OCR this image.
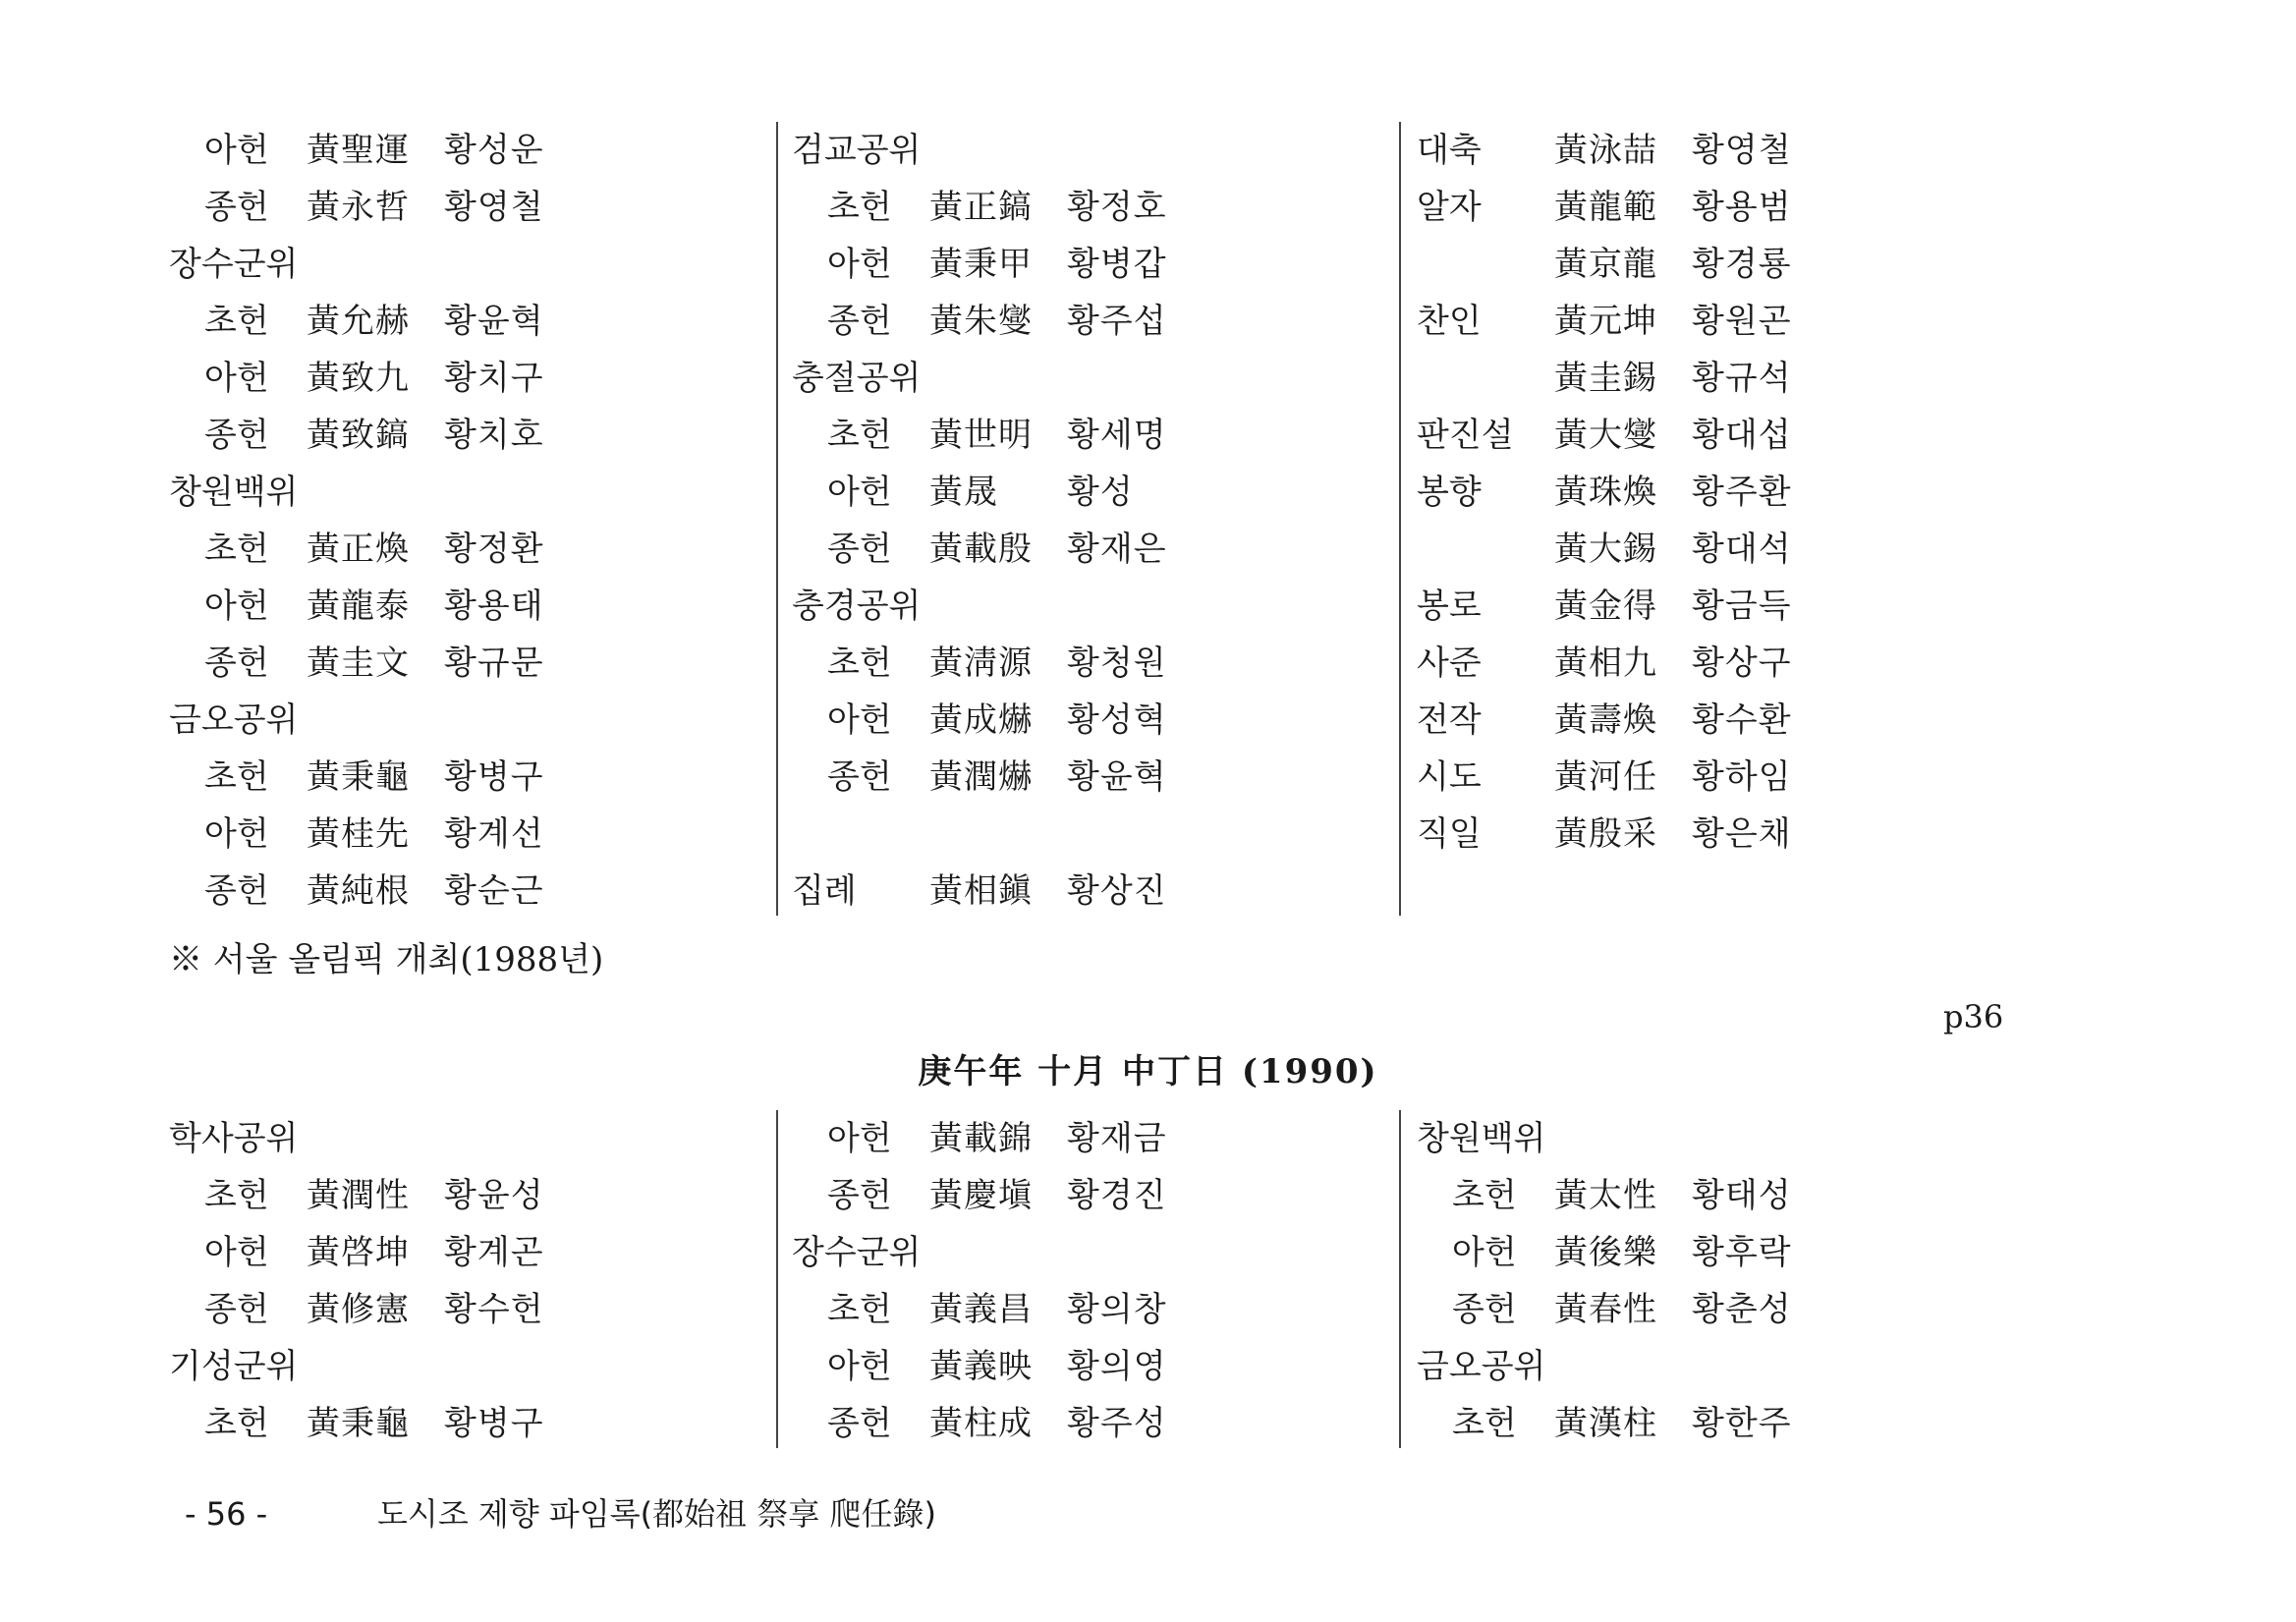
아헌 黃聖運 황성운
종헌 黃永哲 황영철
장수군위
초헌 黃允赫 황윤혁
아헌 黃致九 황치구
종헌 黃致鎬 황치호
창원백위
초헌 黃正煥 황정환
아헌 黃龍泰 황용태
종헌 黃圭文 황규문
금오공위
초헌 黃秉龜 황병구
아헌 黃桂先 황계선
종헌 黃純根 황순근
검교공위
초헌 黃正鎬 황정호
아헌 黃秉甲 황병갑
종헌 黃朱燮 황주섭
충절공위
초헌 黃世明 황세명
아헌 黃晟 황성
종헌 黃載殷 황재은
충경공위
초헌 黃淸源 황청원
아헌 黃成爀 황성혁
종헌 黃潤爀 황윤혁
집례 黃相鎭 황상진
대축 黃泳喆 황영철
알자 黃龍範 황용범
黃京龍 황경룡
찬인 黃元坤 황원곤
黃圭錫 황규석
판진설 黃大燮 황대섭
봉향 黃珠煥 황주환
黃大錫 황대석
봉로 黃金得 황금득
사준 黃相九 황상구
전작 黃壽煥 황수환
시도 黃河任 황하임
직일 黃殷采 황은채
※ 서울 올림픽 개최(1988년)
p36
庚午年 十月 中丁日 (1990)
학사공위
초헌 黃潤性 황윤성
아헌 黃啓坤 황계곤
종헌 黃修憲 황수헌
기성군위
초헌 黃秉龜 황병구
아헌 黃載錦 황재금
종헌 黃慶塡 황경진
장수군위
초헌 黃義昌 황의창
아헌 黃義映 황의영
종헌 黃柱成 황주성
창원백위
초헌 黃太性 황태성
아헌 黃後樂 황후락
종헌 黃春性 황춘성
금오공위
초헌 黃漢柱 황한주
- 56 -	도시조 제향 파임록(都始祖 祭享 爬任錄)
